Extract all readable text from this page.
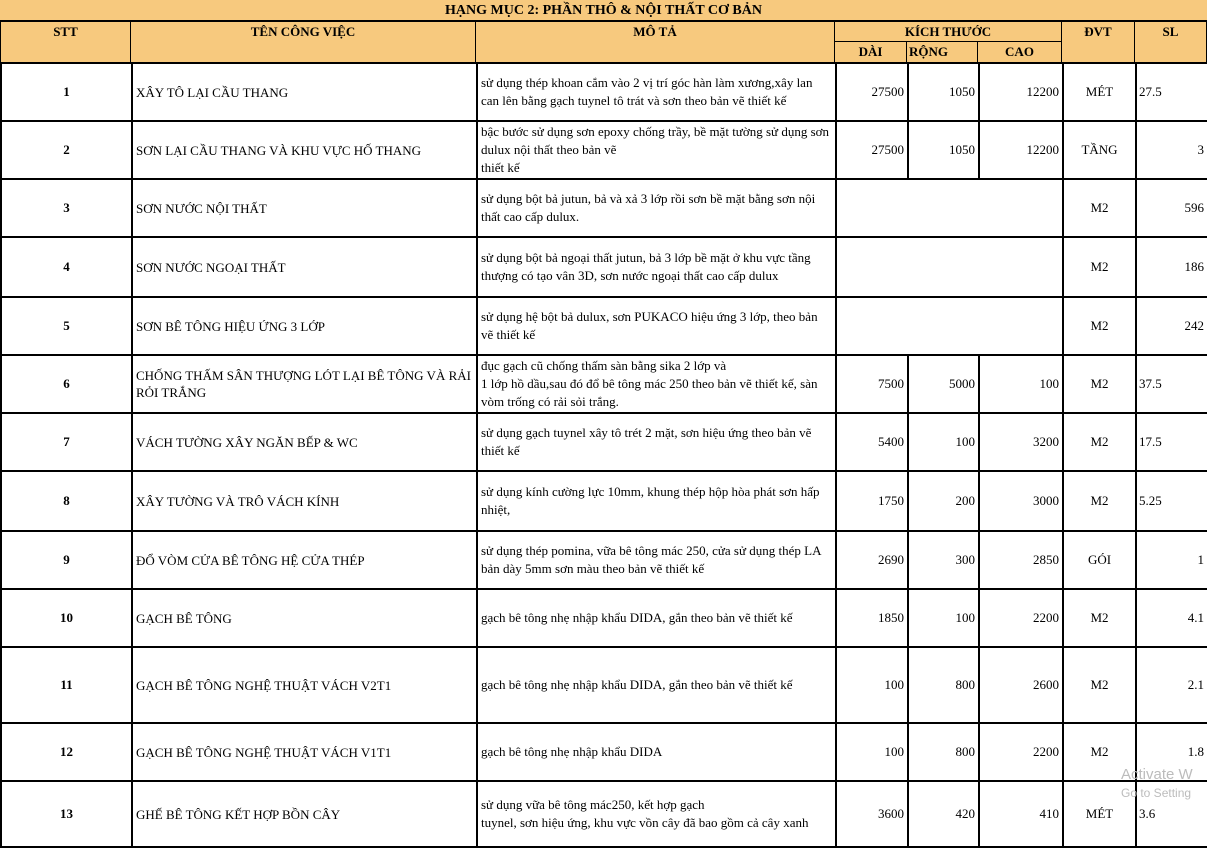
HẠNG MỤC 2: PHẦN THÔ & NỘI THẤT CƠ BẢN
STT	TÊN CÔNG VIỆC	MÔ TẢ	KÍCH THƯỚC
DÀI	RỘNG	CAO
ĐVT	SL
1	XÂY TÔ LẠI CẦU THANG	sử dụng thép khoan cắm vào 2 vị trí góc hàn làm xương,xây lan can lên bằng gạch tuynel tô trát và sơn theo bản vẽ thiết kế	27500	1050	12200	MÉT	27.5
2	SƠN LẠI CẦU THANG VÀ KHU VỰC HỐ THANG	bậc bước sử dụng sơn epoxy chống trầy, bề mặt tường sử dụng sơn dulux nội thất theo bản vẽ
thiết kế	27500	1050	12200	TẦNG	3
3	SƠN NƯỚC NỘI THẤT	sử dụng bột bả jutun, bả và xả 3 lớp rồi sơn bề mặt bằng sơn nội thất cao cấp dulux.				M2	596
4	SƠN NƯỚC NGOẠI THẤT	sử dụng bột bả ngoại thất jutun, bả 3 lớp bề mặt ở khu vực tầng thượng có tạo vân 3D, sơn nước ngoại thất cao cấp dulux				M2	186
5	SƠN BÊ TÔNG HIỆU ỨNG 3 LỚP	sử dụng hệ bột bả dulux, sơn PUKACO hiệu ứng 3 lớp, theo bản vẽ thiết kế				M2	242
6	CHỐNG THẤM SÂN THƯỢNG LÓT LẠI BÊ TÔNG VÀ RẢI RỎI TRẮNG	đục gạch cũ chống thấm sàn bằng sika 2 lớp và
1 lớp hồ dầu,sau đó đổ bê tông mác 250 theo bản vẽ thiết kế, sàn vòm trống có rải sỏi trắng.	7500	5000	100	M2	37.5
7	VÁCH TƯỜNG XÂY NGĂN BẾP & WC	sử dụng gạch tuynel xây tô trét 2 mặt, sơn hiệu ứng theo bản vẽ thiết kế	5400	100	3200	M2	17.5
8	XÂY TƯỜNG VÀ TRÔ VÁCH KÍNH	sử dụng kính cường lực 10mm, khung thép hộp hòa phát sơn hấp nhiệt,	1750	200	3000	M2	5.25
9	ĐỔ VÒM CỬA BÊ TÔNG HỆ CỬA THÉP	sử dụng thép pomina, vữa bê tông mác 250, cửa sử dụng thép LA bản dày 5mm sơn màu theo bản vẽ thiết kế	2690	300	2850	GÓI	1
10	GẠCH BÊ TÔNG	gạch bê tông nhẹ nhập khẩu DIDA, gắn theo bản vẽ thiết kế	1850	100	2200	M2	4.1
11	GẠCH BÊ TÔNG NGHỆ THUẬT VÁCH V2T1	gạch bê tông nhẹ nhập khẩu DIDA, gắn theo bản vẽ thiết kế	100	800	2600	M2	2.1
12	GẠCH BÊ TÔNG NGHỆ THUẬT VÁCH V1T1	gạch bê tông nhẹ nhập khẩu DIDA	100	800	2200	M2	1.8
13	GHẾ BÊ TÔNG KẾT HỢP BỒN CÂY	sử dụng vữa bê tông mác250, kết hợp gạch
tuynel, sơn hiệu ứng, khu vực vồn cây đã bao gồm cả cây xanh	3600	420	410	MÉT	3.6
Activate W
Go to Setting
